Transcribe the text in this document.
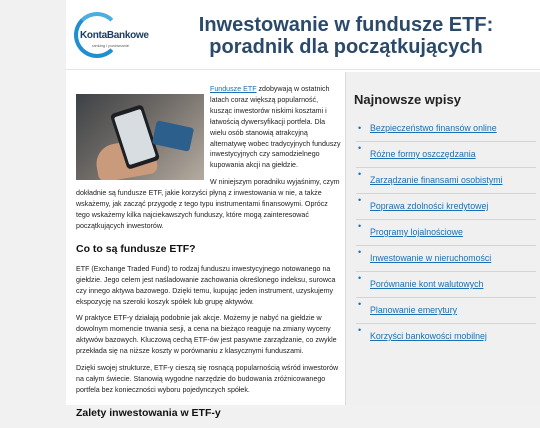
KontaBankowe
ranking i porównanie
Inwestowanie w fundusze ETF: poradnik dla początkujących

Fundusze ETF zdobywają w ostatnich latach coraz większą popularność, kusząc inwestorów niskimi kosztami i łatwością dywersyfikacji portfela. Dla wielu osób stanowią atrakcyjną alternatywę wobec tradycyjnych funduszy inwestycyjnych czy samodzielnego kupowania akcji na giełdzie.

W niniejszym poradniku wyjaśnimy, czym dokładnie są fundusze ETF, jakie korzyści płyną z inwestowania w nie, a także wskażemy, jak zacząć przygodę z tego typu instrumentami finansowymi. Oprócz tego wskażemy kilka najciekawszych funduszy, które mogą zainteresować początkujących inwestorów.

Co to są fundusze ETF?

ETF (Exchange Traded Fund) to rodzaj funduszu inwestycyjnego notowanego na giełdzie. Jego celem jest naśladowanie zachowania określonego indeksu, surowca czy innego aktywa bazowego. Dzięki temu, kupując jeden instrument, uzyskujemy ekspozycję na szeroki koszyk spółek lub grupę aktywów.

W praktyce ETF-y działają podobnie jak akcje. Możemy je nabyć na giełdzie w dowolnym momencie trwania sesji, a cena na bieżąco reaguje na zmiany wyceny aktywów bazowych. Kluczową cechą ETF-ów jest pasywne zarządzanie, co zwykle przekłada się na niższe koszty w porównaniu z klasycznymi funduszami.

Dzięki swojej strukturze, ETF-y cieszą się rosnącą popularnością wśród inwestorów na całym świecie. Stanowią wygodne narzędzie do budowania zróżnicowanego portfela bez konieczności wyboru pojedynczych spółek.

Zalety inwestowania w ETF-y
Najnowsze wpisy
• Bezpieczeństwo finansów online
• Różne formy oszczędzania
• Zarządzanie finansami osobistymi
• Poprawa zdolności kredytowej
• Programy lojalnościowe
• Inwestowanie w nieruchomości
• Porównanie kont walutowych
• Planowanie emerytury
• Korzyści bankowości mobilnej
